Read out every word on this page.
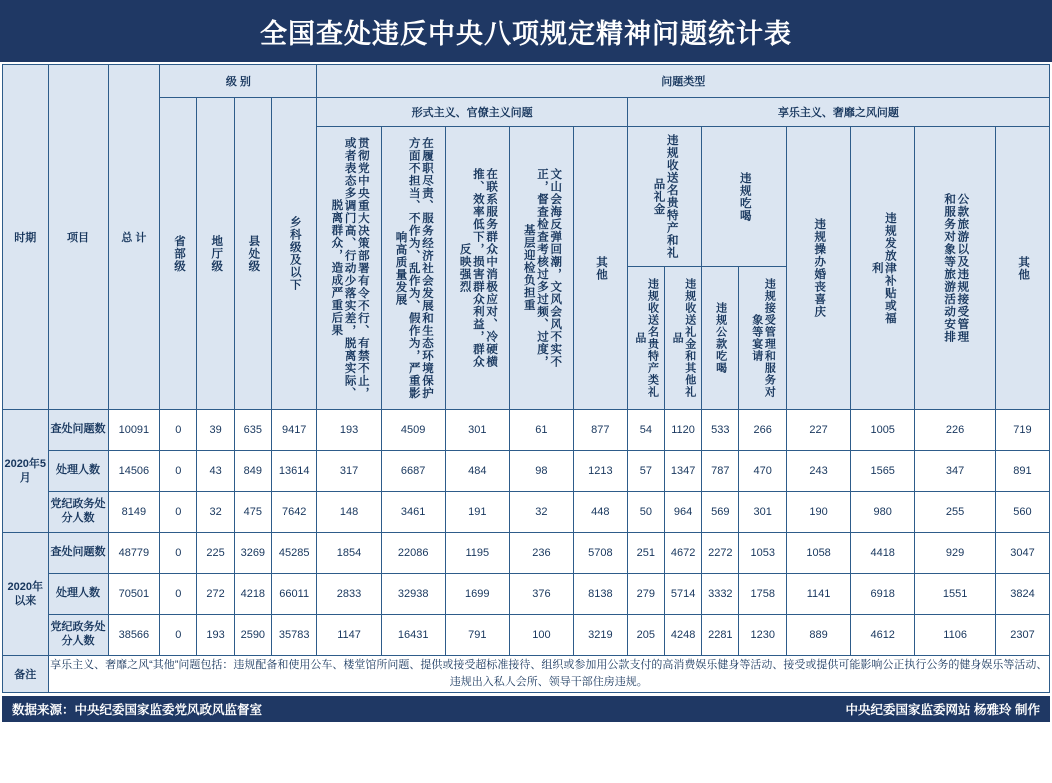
全国查处违反中央八项规定精神问题统计表
时期	项目	总 计	级 别				问题类型												

			省部级	地厅级	县处级	乡科级及以下	形式主义、官僚主义问题					享乐主义、奢靡之风问题							

							贯彻党中央重大决策部署有令不行、有禁不止，或者表态多调门高、行动少落实差，脱离实际、脱离群众，造成严重后果	在履职尽责、服务经济社会发展和生态环境保护方面不担当、不作为、乱作为、假作为，严重影响高质量发展	在联系服务群众中消极应对、冷硬横推、效率低下，损害群众利益，群众反映强烈	文山会海反弹回潮，文风会风不实不正，督查检查考核过多过频、过度，基层迎检负担重	其他	违规收送名贵特产和礼品礼金		违规吃喝		违规操办婚丧喜庆	违规发放津补贴或福利	公款旅游以及违规接受管理和服务对象等旅游活动安排	其他

												违规收送名贵特产类礼品	违规收送礼金和其他礼品	违规公款吃喝	违规接受管理和服务对象等宴请				

2020年5月	查处问题数	10091	0	39	635	9417	193	4509	301	61	877	54	1120	533	266	227	1005	226	719
	处理人数	14506	0	43	849	13614	317	6687	484	98	1213	57	1347	787	470	243	1565	347	891
	党纪政务处分人数	8149	0	32	475	7642	148	3461	191	32	448	50	964	569	301	190	980	255	560
2020年以来	查处问题数	48779	0	225	3269	45285	1854	22086	1195	236	5708	251	4672	2272	1053	1058	4418	929	3047
	处理人数	70501	0	272	4218	66011	2833	32938	1699	376	8138	279	5714	3332	1758	1141	6918	1551	3824
	党纪政务处分人数	38566	0	193	2590	35783	1147	16431	791	100	3219	205	4248	2281	1230	889	4612	1106	2307
备注	享乐主义、奢靡之风“其他”问题包括：违规配备和使用公车、楼堂馆所问题、提供或接受超标准接待、组织或参加用公款支付的高消费娱乐健身等活动、接受或提供可能影响公正执行公务的健身娱乐等活动、违规出入私人会所、领导干部住房违规。																		
数据来源：中央纪委国家监委党风政风监督室	中央纪委国家监委网站 杨雅玲 制作
